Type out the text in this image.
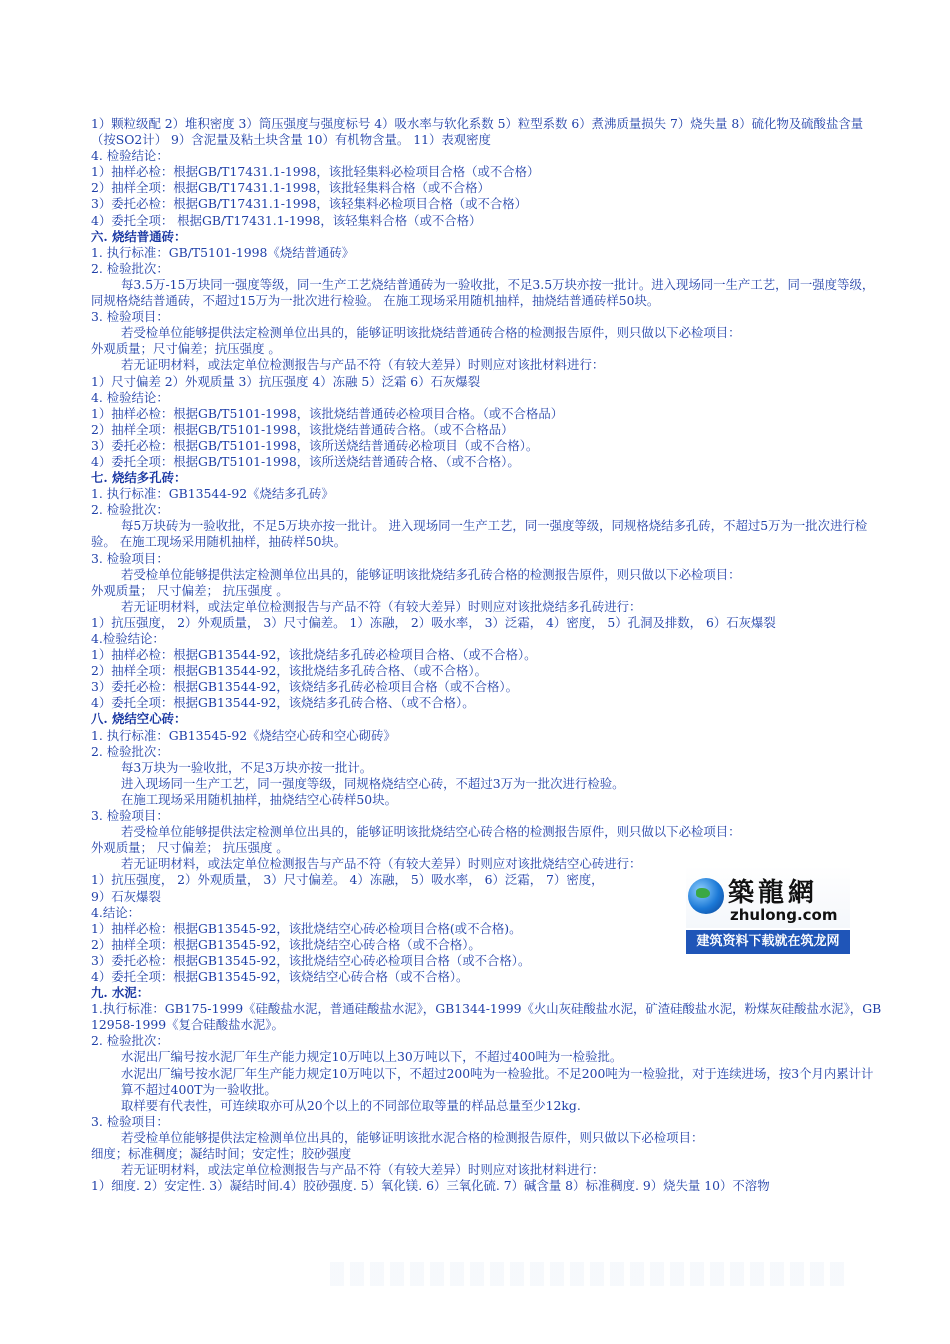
1）颗粒级配 2）堆积密度 3）筒压强度与强度标号 4）吸水率与软化系数 5）粒型系数 6）煮沸质量损失 7）烧失量 8）硫化物及硫酸盐含量（按SO2计） 9）含泥量及粘土块含量 10）有机物含量。 11）表观密度

4. 检验结论：

1）抽样必检：根据GB/T17431.1-1998，该批轻集料必检项目合格（或不合格）

2）抽样全项：根据GB/T17431.1-1998，该批轻集料合格（或不合格）

3）委托必检：根据GB/T17431.1-1998，该轻集料必检项目合格（或不合格）

4）委托全项： 根据GB/T17431.1-1998，该轻集料合格（或不合格）

六. 烧结普通砖：

1. 执行标准：GB/T5101-1998《烧结普通砖》

2. 检验批次：

每3.5万-15万块同一强度等级，同一生产工艺烧结普通砖为一验收批，不足3.5万块亦按一批计。进入现场同一生产工艺，同一强度等级，同规格烧结普通砖，不超过15万为一批次进行检验。 在施工现场采用随机抽样，抽烧结普通砖样50块。

3. 检验项目：

若受检单位能够提供法定检测单位出具的，能够证明该批烧结普通砖合格的检测报告原件，则只做以下必检项目：

外观质量；尺寸偏差；抗压强度 。

若无证明材料，或法定单位检测报告与产品不符（有较大差异）时则应对该批材料进行：

1）尺寸偏差 2）外观质量 3）抗压强度 4）冻融 5）泛霜 6）石灰爆裂

4. 检验结论：

1）抽样必检：根据GB/T5101-1998，该批烧结普通砖必检项目合格。（或不合格品）

2）抽样全项：根据GB/T5101-1998，该批烧结普通砖合格。（或不合格品）

3）委托必检：根据GB/T5101-1998，该所送烧结普通砖必检项目（或不合格）。

4）委托全项：根据GB/T5101-1998，该所送烧结普通砖合格、（或不合格）。

七. 烧结多孔砖：

1. 执行标准：GB13544-92《烧结多孔砖》

2. 检验批次：

每5万块砖为一验收批，不足5万块亦按一批计。 进入现场同一生产工艺，同一强度等级，同规格烧结多孔砖，不超过5万为一批次进行检验。 在施工现场采用随机抽样，抽砖样50块。

3. 检验项目：

若受检单位能够提供法定检测单位出具的，能够证明该批烧结多孔砖合格的检测报告原件，则只做以下必检项目：

外观质量； 尺寸偏差； 抗压强度 。

若无证明材料，或法定单位检测报告与产品不符（有较大差异）时则应对该批烧结多孔砖进行：

1）抗压强度， 2）外观质量， 3）尺寸偏差。 1）冻融， 2）吸水率， 3）泛霜， 4）密度， 5）孔洞及排数， 6）石灰爆裂

4.检验结论：

1）抽样必检：根据GB13544-92，该批烧结多孔砖必检项目合格、（或不合格）。

2）抽样全项：根据GB13544-92，该批烧结多孔砖合格、（或不合格）。

3）委托必检：根据GB13544-92，该烧结多孔砖必检项目合格（或不合格）。

4）委托全项：根据GB13544-92，该烧结多孔砖合格、（或不合格）。

八. 烧结空心砖：

1. 执行标准：GB13545-92《烧结空心砖和空心砌砖》

2. 检验批次：

每3万块为一验收批，不足3万块亦按一批计。

进入现场同一生产工艺，同一强度等级，同规格烧结空心砖，不超过3万为一批次进行检验。

在施工现场采用随机抽样，抽烧结空心砖样50块。

3. 检验项目：

若受检单位能够提供法定检测单位出具的，能够证明该批烧结空心砖合格的检测报告原件，则只做以下必检项目：

外观质量； 尺寸偏差； 抗压强度 。

若无证明材料，或法定单位检测报告与产品不符（有较大差异）时则应对该批烧结空心砖进行：

1）抗压强度， 2）外观质量， 3）尺寸偏差。 4）冻融， 5）吸水率， 6）泛霜， 7）密度，

9）石灰爆裂

4.结论：

1）抽样必检：根据GB13545-92，该批烧结空心砖必检项目合格(或不合格)。

2）抽样全项：根据GB13545-92，该批烧结空心砖合格（或不合格）。

3）委托必检：根据GB13545-92，该批烧结空心砖必检项目合格（或不合格）。

4）委托全项：根据GB13545-92，该烧结空心砖合格（或不合格）。

九. 水泥：

1.执行标准：GB175-1999《硅酸盐水泥，普通硅酸盐水泥》，GB1344-1999《火山灰硅酸盐水泥，矿渣硅酸盐水泥，粉煤灰硅酸盐水泥》，GB12958-1999《复合硅酸盐水泥》。

2. 检验批次：

水泥出厂编号按水泥厂年生产能力规定10万吨以上30万吨以下，不超过400吨为一检验批。

水泥出厂编号按水泥厂年生产能力规定10万吨以下，不超过200吨为一检验批。不足200吨为一检验批，对于连续进场，按3个月内累计计算不超过400T为一验收批。

取样要有代表性，可连续取亦可从20个以上的不同部位取等量的样品总量至少12kg.

3. 检验项目：

若受检单位能够提供法定检测单位出具的，能够证明该批水泥合格的检测报告原件，则只做以下必检项目：

细度；标准稠度；凝结时间；安定性；胶砂强度

若无证明材料，或法定单位检测报告与产品不符（有较大差异）时则应对该批材料进行：

1）细度. 2）安定性. 3）凝结时间.4）胶砂强度. 5）氧化镁. 6）三氧化硫. 7）碱含量 8）标准稠度. 9）烧失量 10）不溶物

築龍網
zhulong.com
建筑资料下载就在筑龙网
